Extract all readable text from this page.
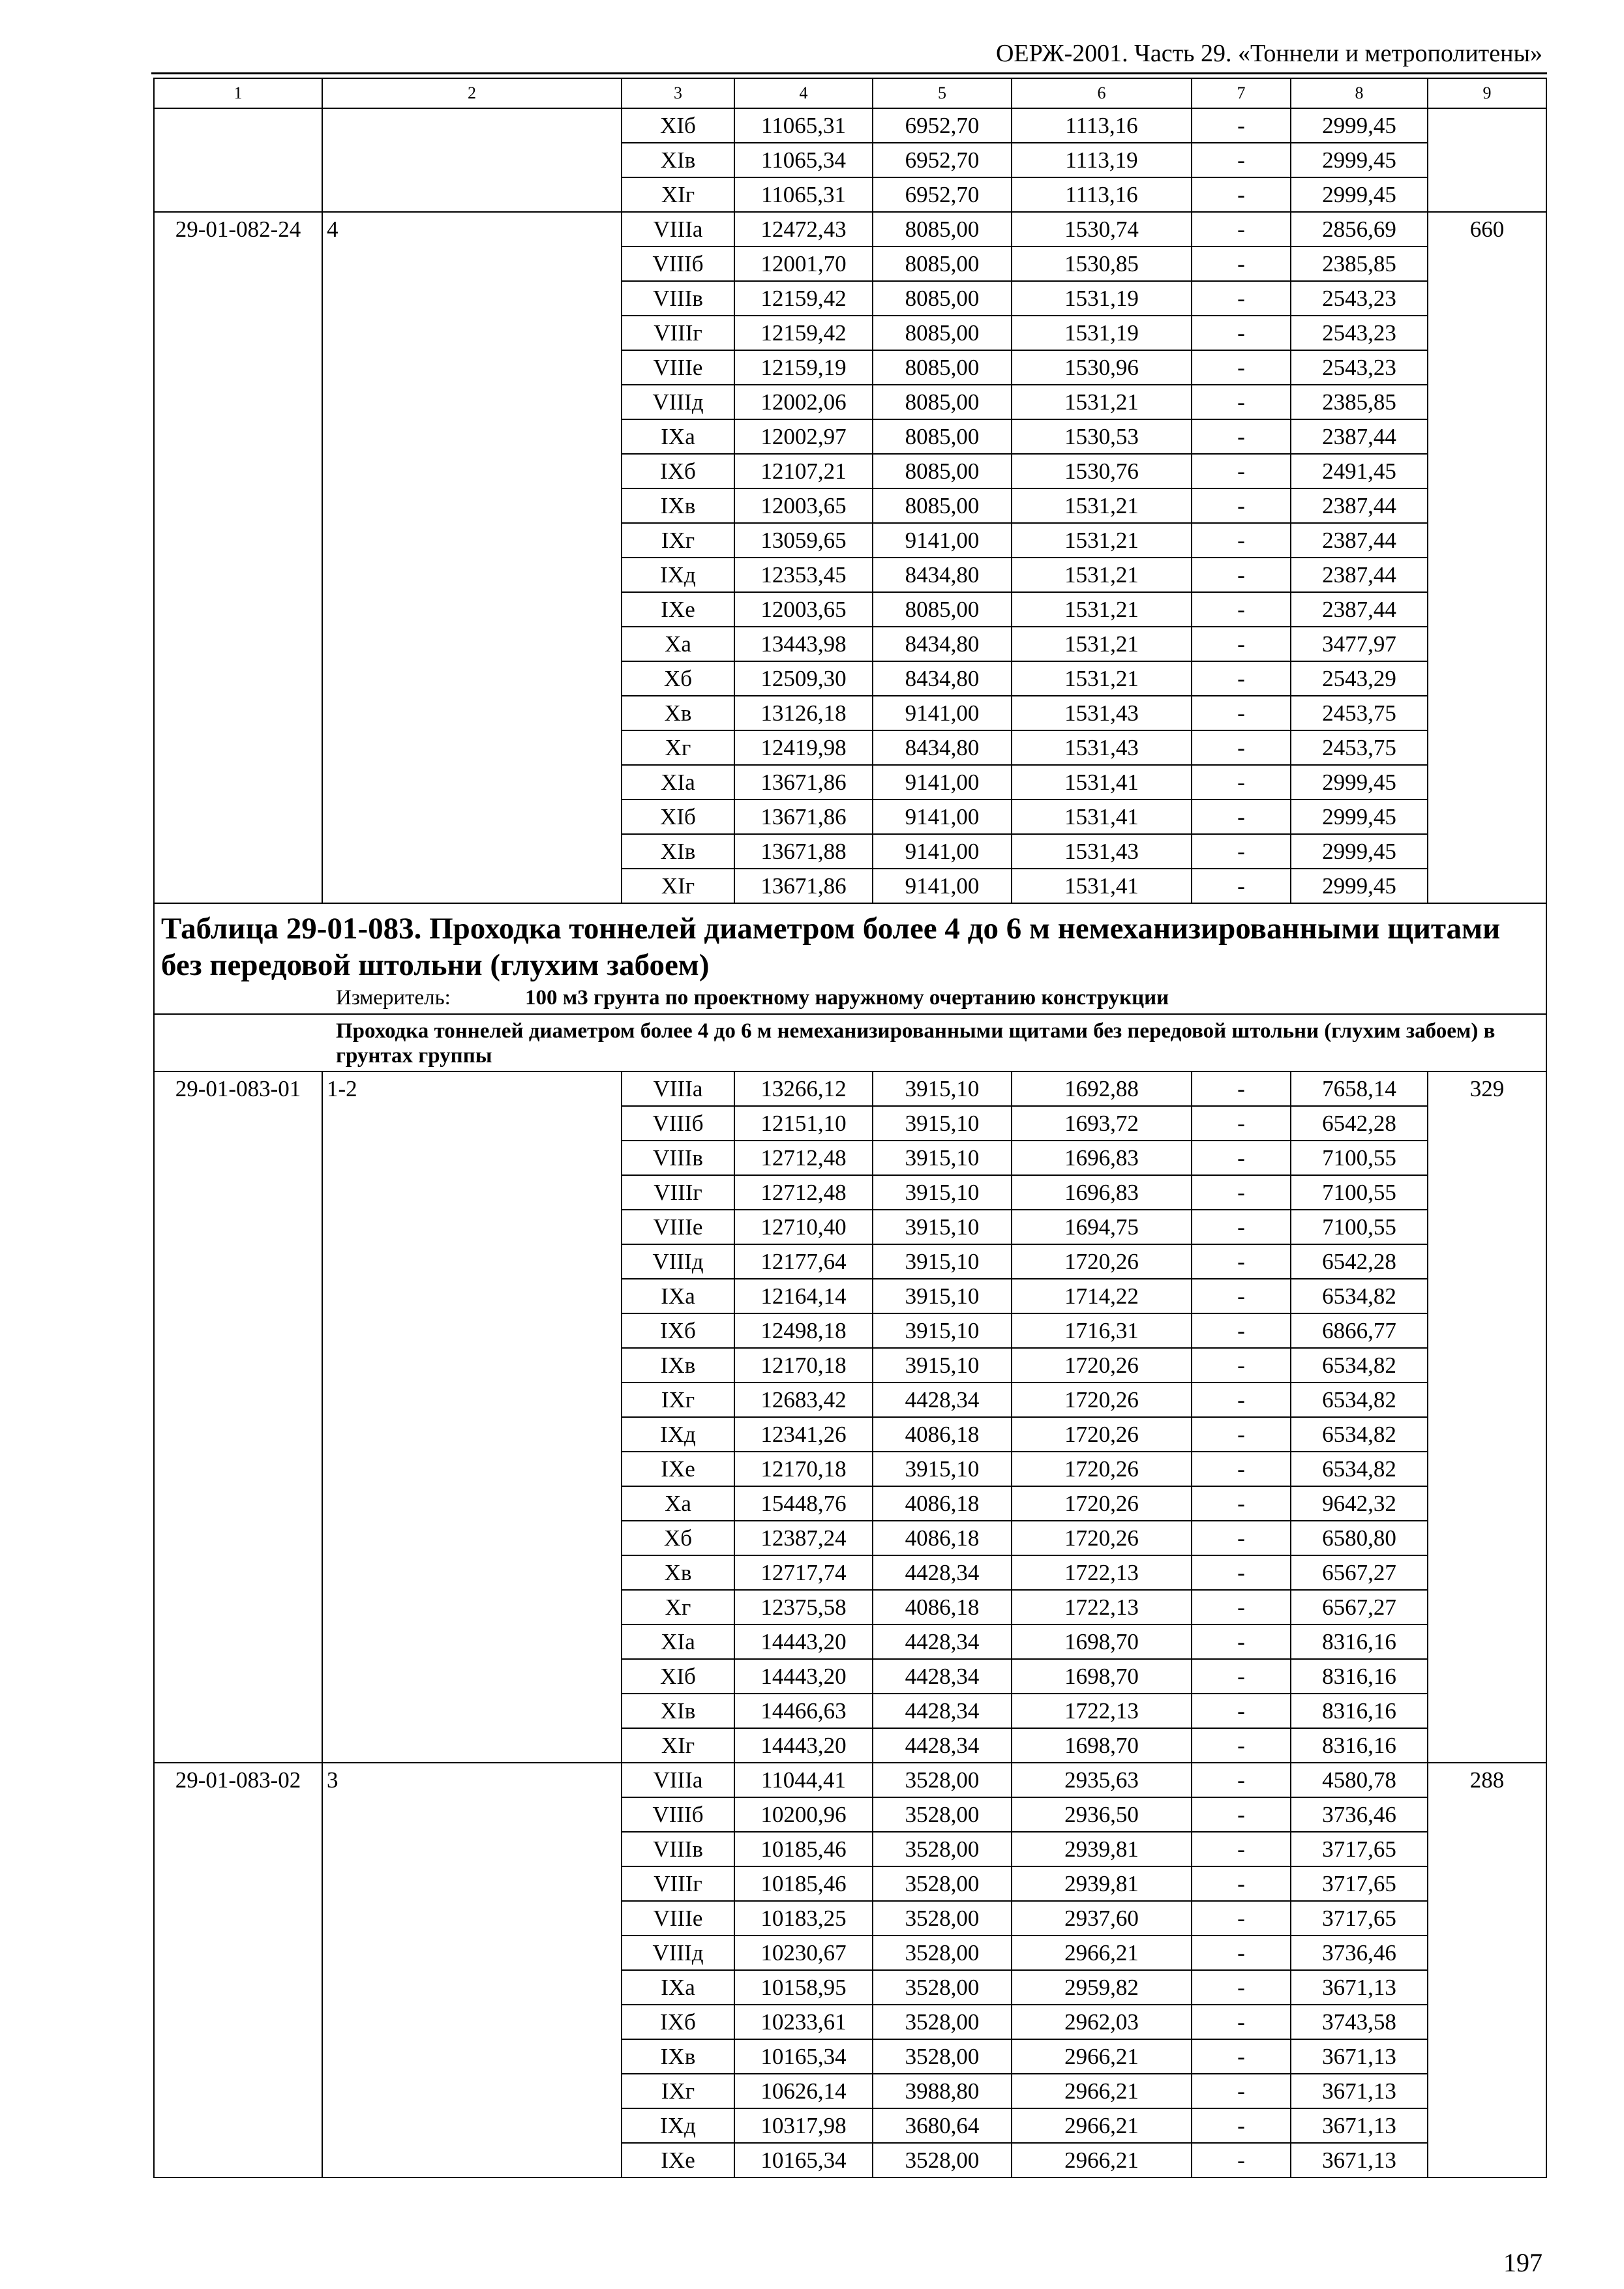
ОЕРЖ-2001. Часть 29. «Тоннели и метрополитены»
1	2	3	4	5	6	7	8	9
		XIб	11065,31	6952,70	1113,16	-	2999,45	
		XIв	11065,34	6952,70	1113,19	-	2999,45	
		XIг	11065,31	6952,70	1113,16	-	2999,45	
29-01-082-24	4	VIIIа	12472,43	8085,00	1530,74	-	2856,69	660
		VIIIб	12001,70	8085,00	1530,85	-	2385,85	
		VIIIв	12159,42	8085,00	1531,19	-	2543,23	
		VIIIг	12159,42	8085,00	1531,19	-	2543,23	
		VIIIе	12159,19	8085,00	1530,96	-	2543,23	
		VIIIд	12002,06	8085,00	1531,21	-	2385,85	
		IXа	12002,97	8085,00	1530,53	-	2387,44	
		IXб	12107,21	8085,00	1530,76	-	2491,45	
		IXв	12003,65	8085,00	1531,21	-	2387,44	
		IXг	13059,65	9141,00	1531,21	-	2387,44	
		IXд	12353,45	8434,80	1531,21	-	2387,44	
		IXе	12003,65	8085,00	1531,21	-	2387,44	
		Xа	13443,98	8434,80	1531,21	-	3477,97	
		Xб	12509,30	8434,80	1531,21	-	2543,29	
		Xв	13126,18	9141,00	1531,43	-	2453,75	
		Xг	12419,98	8434,80	1531,43	-	2453,75	
		XIа	13671,86	9141,00	1531,41	-	2999,45	
		XIб	13671,86	9141,00	1531,41	-	2999,45	
		XIв	13671,88	9141,00	1531,43	-	2999,45	
		XIг	13671,86	9141,00	1531,41	-	2999,45	

Таблица 29-01-083. Проходка тоннелей диаметром более 4 до 6 м немеханизированными щитами без передовой штольни (глухим забоем)
Измеритель: 100 м3 грунта по проектному наружному очертанию конструкции								

Проходка тоннелей диаметром более 4 до 6 м немеханизированными щитами без передовой штольни (глухим забоем) в грунтах группы								

29-01-083-01	1-2	VIIIа	13266,12	3915,10	1692,88	-	7658,14	329
		VIIIб	12151,10	3915,10	1693,72	-	6542,28	
		VIIIв	12712,48	3915,10	1696,83	-	7100,55	
		VIIIг	12712,48	3915,10	1696,83	-	7100,55	
		VIIIе	12710,40	3915,10	1694,75	-	7100,55	
		VIIIд	12177,64	3915,10	1720,26	-	6542,28	
		IXа	12164,14	3915,10	1714,22	-	6534,82	
		IXб	12498,18	3915,10	1716,31	-	6866,77	
		IXв	12170,18	3915,10	1720,26	-	6534,82	
		IXг	12683,42	4428,34	1720,26	-	6534,82	
		IXд	12341,26	4086,18	1720,26	-	6534,82	
		IXе	12170,18	3915,10	1720,26	-	6534,82	
		Xа	15448,76	4086,18	1720,26	-	9642,32	
		Xб	12387,24	4086,18	1720,26	-	6580,80	
		Xв	12717,74	4428,34	1722,13	-	6567,27	
		Xг	12375,58	4086,18	1722,13	-	6567,27	
		XIа	14443,20	4428,34	1698,70	-	8316,16	
		XIб	14443,20	4428,34	1698,70	-	8316,16	
		XIв	14466,63	4428,34	1722,13	-	8316,16	
		XIг	14443,20	4428,34	1698,70	-	8316,16	
29-01-083-02	3	VIIIа	11044,41	3528,00	2935,63	-	4580,78	288
		VIIIб	10200,96	3528,00	2936,50	-	3736,46	
		VIIIв	10185,46	3528,00	2939,81	-	3717,65	
		VIIIг	10185,46	3528,00	2939,81	-	3717,65	
		VIIIе	10183,25	3528,00	2937,60	-	3717,65	
		VIIIд	10230,67	3528,00	2966,21	-	3736,46	
		IXа	10158,95	3528,00	2959,82	-	3671,13	
		IXб	10233,61	3528,00	2962,03	-	3743,58	
		IXв	10165,34	3528,00	2966,21	-	3671,13	
		IXг	10626,14	3988,80	2966,21	-	3671,13	
		IXд	10317,98	3680,64	2966,21	-	3671,13	
		IXе	10165,34	3528,00	2966,21	-	3671,13	
197
